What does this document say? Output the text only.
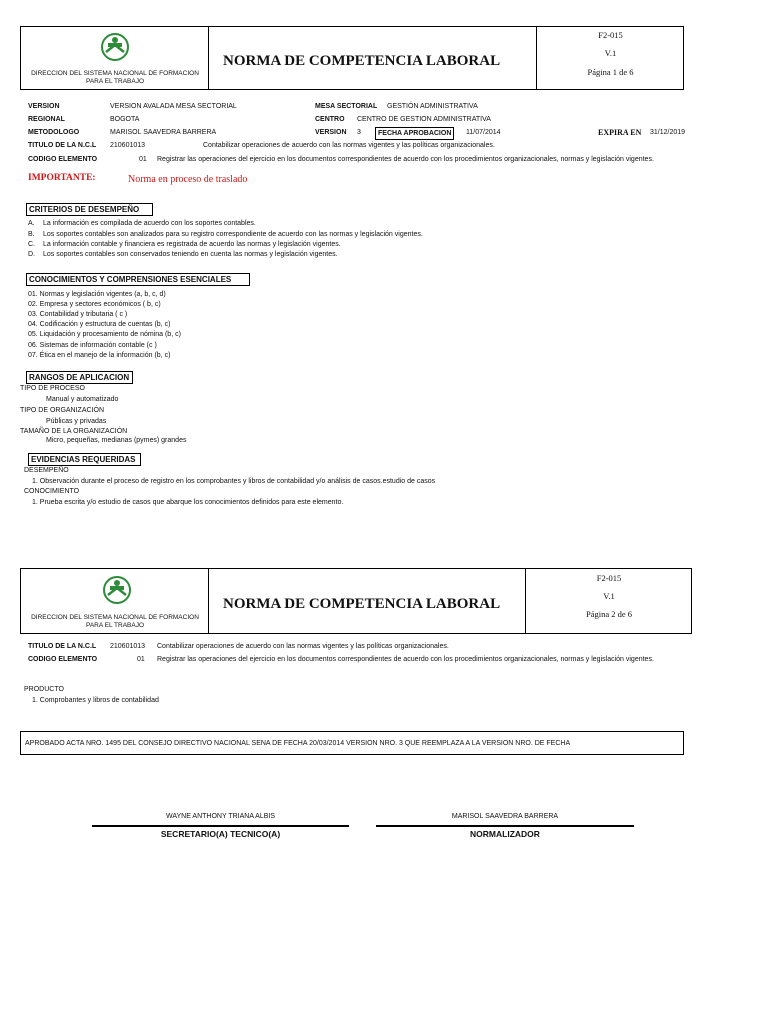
DIRECCION DEL SISTEMA NACIONAL DE FORMACION
PARA EL TRABAJO
NORMA DE COMPETENCIA LABORAL
F2-015
V.1
Página 1 de 6
VERSION	VERSION AVALADA MESA SECTORIAL	MESA SECTORIAL GESTIÓN ADMINISTRATIVA
REGIONAL	BOGOTA	CENTRO CENTRO DE GESTION ADMINISTRATIVA
METODOLOGO	MARISOL SAAVEDRA BARRERA	VERSION 3	FECHA APROBACION	11/07/2014	EXPIRA EN 31/12/2019
TITULO DE LA N.C.L 210601013	Contabilizar operaciones de acuerdo con las normas vigentes y las políticas organizacionales.
CODIGO ELEMENTO	01 Registrar las operaciones del ejercicio en los documentos correspondientes de acuerdo con los procedimientos organizacionales, normas y legislación vigentes.
IMPORTANTE:	Norma en proceso de traslado
CRITERIOS DE DESEMPEÑO
A. La información es compilada de acuerdo con los soportes contables.
B. Los soportes contables son analizados para su registro correspondiente de acuerdo con las normas y legislación vigentes.
C. La información contable y financiera es registrada de acuerdo las normas y legislación vigentes.
D. Los soportes contables son conservados teniendo en cuenta las normas y legislación vigentes.
CONOCIMIENTOS Y COMPRENSIONES ESENCIALES
01. Normas y legislación vigentes (a, b, c, d)
02. Empresa y sectores económicos ( b, c)
03. Contabilidad y tributaria ( c )
04. Codificación y estructura de cuentas (b, c)
05. Liquidación y procesamiento de nómina (b, c)
06. Sistemas de información contable (c )
07. Ética en el manejo de la información (b, c)
RANGOS DE APLICACION
TIPO DE PROCESO
Manual y automatizado
TIPO DE ORGANIZACIÓN
Públicas y privadas
TAMAÑO DE LA ORGANIZACIÓN
Micro, pequeñas, medianas (pymes) grandes
EVIDENCIAS REQUERIDAS
DESEMPEÑO
1. Observación durante el proceso de registro en los comprobantes y libros de contabilidad y/o análisis de casos.estudio de casos
CONOCIMIENTO
1. Prueba escrita y/o estudio de casos que abarque los conocimientos definidos para este elemento.
DIRECCION DEL SISTEMA NACIONAL DE FORMACION
PARA EL TRABAJO
NORMA DE COMPETENCIA LABORAL
F2-015
V.1
Página 2 de 6
TITULO DE LA N.C.L 210601013 Contabilizar operaciones de acuerdo con las normas vigentes y las políticas organizacionales.
CODIGO ELEMENTO	01 Registrar las operaciones del ejercicio en los documentos correspondientes de acuerdo con los procedimientos organizacionales, normas y legislación vigentes.
PRODUCTO
1. Comprobantes y libros de contabilidad
APROBADO ACTA NRO. 1495 DEL CONSEJO DIRECTIVO NACIONAL SENA DE FECHA 20/03/2014 VERSION NRO. 3 QUE REEMPLAZA A LA VERSION NRO. DE FECHA
WAYNE ANTHONY TRIANA ALBIS
SECRETARIO(A) TECNICO(A)
MARISOL SAAVEDRA BARRERA
NORMALIZADOR
